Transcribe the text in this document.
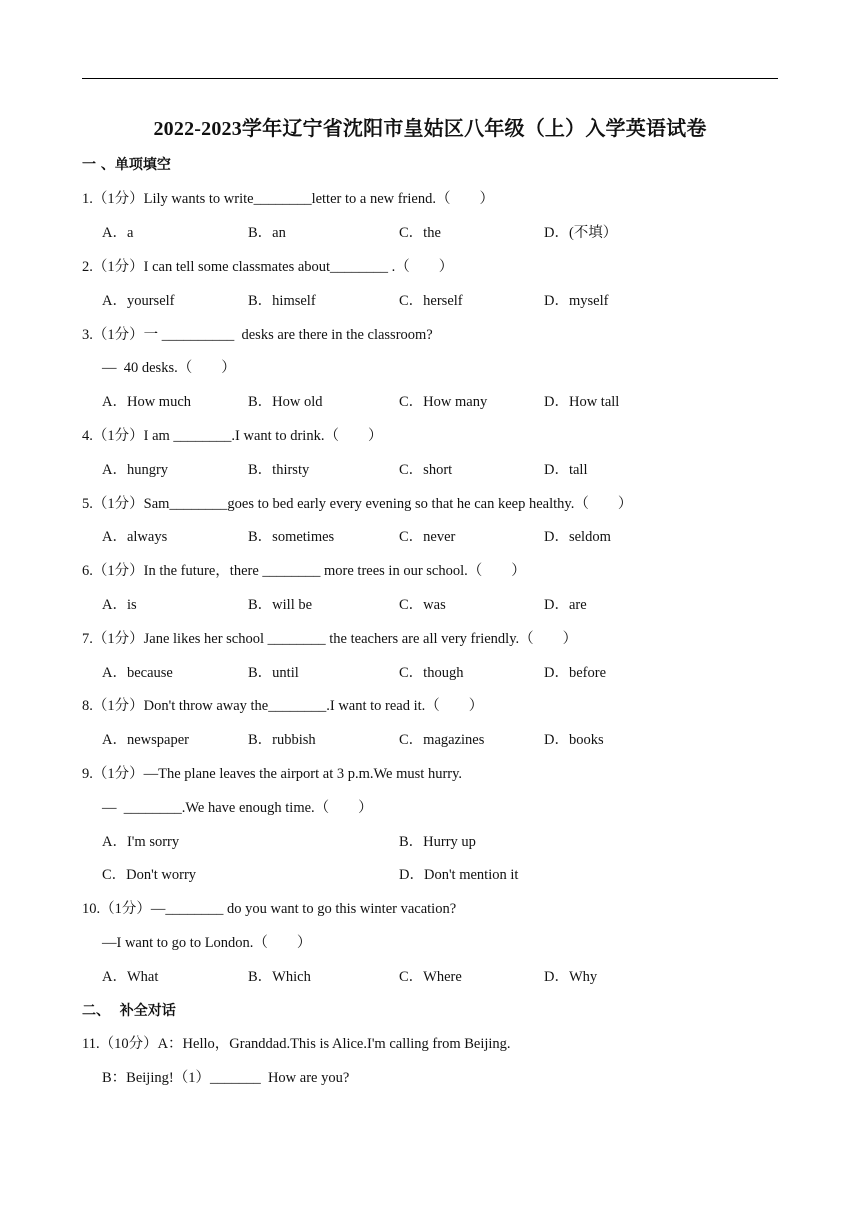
2022-2023学年辽宁省沈阳市皇姑区八年级（上）入学英语试卷
一 、单项填空
1.（1分）Lily wants to write________letter to a new friend.（　　）
A．a	B．an	C．the	D．(不填）
2.（1分）I can tell some classmates about________ .（　　）
A．yourself	B．himself	C．herself	D．myself
3.（1分）一 __________  desks are there in the classroom?
—  40 desks.（　　）
A．How much	B．How old	C．How many	D．How tall
4.（1分）I am ________.I want to drink.（　　）
A．hungry	B．thirsty	C．short	D．tall
5.（1分）Sam________goes to bed early every evening so that he can keep healthy.（　　）
A．always	B．sometimes	C．never	D．seldom
6.（1分）In the future，there ________ more trees in our school.（　　）
A．is	B．will be	C．was	D．are
7.（1分）Jane likes her school ________ the teachers are all very friendly.（　　）
A．because	B．until	C．though	D．before
8.（1分）Don't throw away the________.I want to read it.（　　）
A．newspaper	B．rubbish	C．magazines	D．books
9.（1分）—The plane leaves the airport at 3 p.m.We must hurry.
—  ________.We have enough time.（　　）
A．I'm sorry	B．Hurry up
C．Don't worry	D．Don't mention it
10.（1分）—________ do you want to go this winter vacation?
—I want to go to London.（　　）
A．What	B．Which	C．Where	D．Why
二、  补全对话
11.（10分）A：Hello，Granddad.This is Alice.I'm calling from Beijing.
B：Beijing!（1）_______  How are you?
